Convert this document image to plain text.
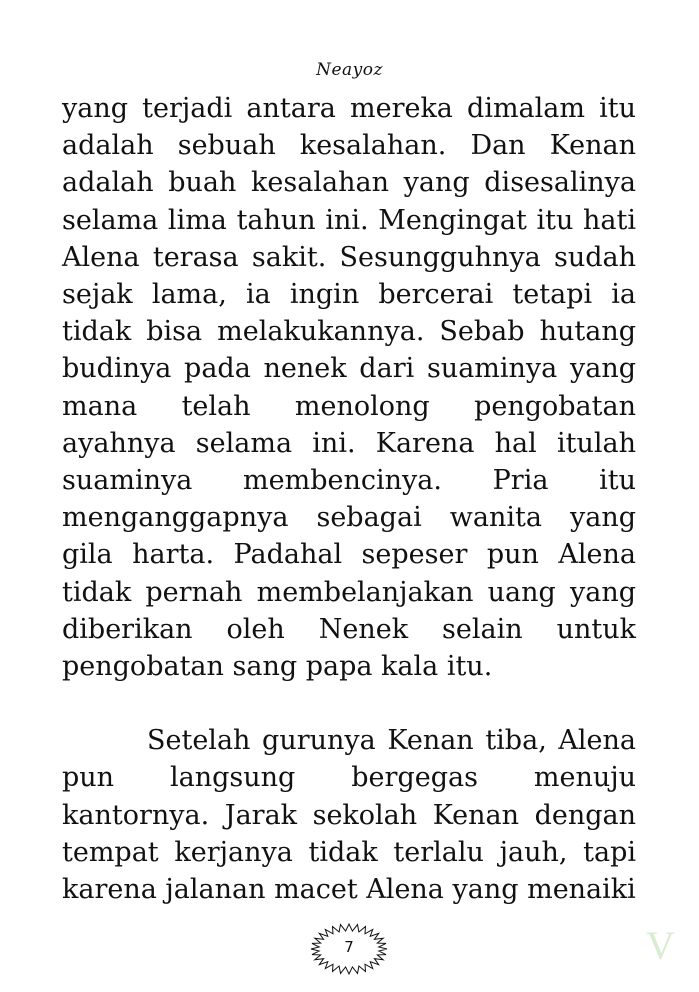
Neayoz

yang terjadi antara mereka dimalam itu adalah sebuah kesalahan. Dan Kenan adalah buah kesalahan yang disesalinya selama lima tahun ini. Mengingat itu hati Alena terasa sakit. Sesungguhnya sudah sejak lama, ia ingin bercerai tetapi ia tidak bisa melakukannya. Sebab hutang budinya pada nenek dari suaminya yang mana telah menolong pengobatan ayahnya selama ini. Karena hal itulah suaminya membencinya. Pria itu menganggapnya sebagai wanita yang gila harta. Padahal sepeser pun Alena tidak pernah membelanjakan uang yang diberikan oleh Nenek selain untuk pengobatan sang papa kala itu.

Setelah gurunya Kenan tiba, Alena pun langsung bergegas menuju kantornya. Jarak sekolah Kenan dengan tempat kerjanya tidak terlalu jauh, tapi karena jalanan macet Alena yang menaiki

7	V
